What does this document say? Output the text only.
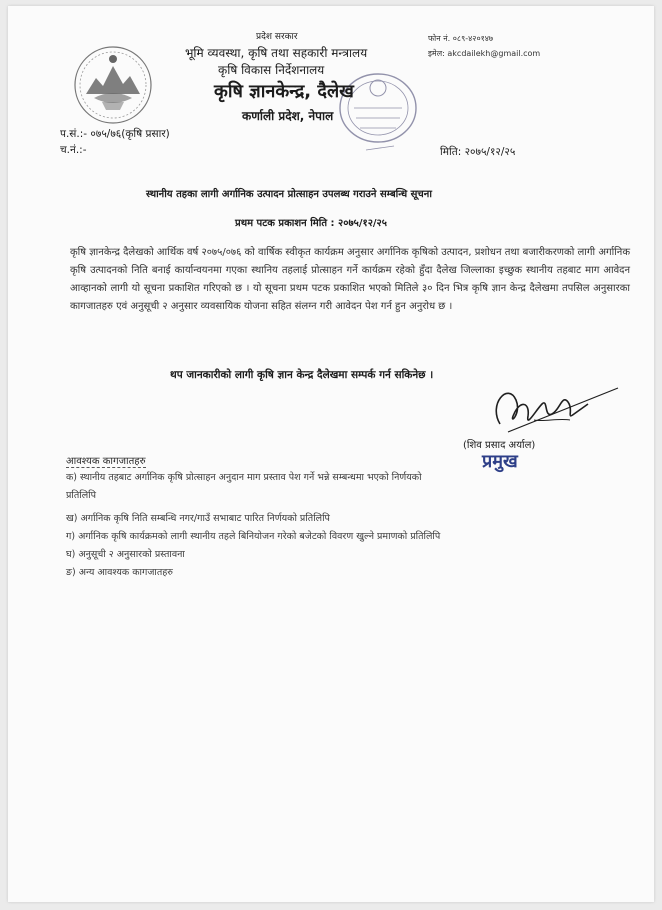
प्रदेश सरकार
भूमि व्यवस्था, कृषि तथा सहकारी मन्त्रालय
कृषि विकास निर्देशनालय
कृषि ज्ञानकेन्द्र, दैलेख
कर्णाली प्रदेश, नेपाल
फोन नं. ०८९-४२०१४७
इमेल: akcdailekh@gmail.com
प.सं.:- ०७५/७६(कृषि प्रसार)
च.नं.:-	मिति: २०७५/१२/२५
स्थानीय तहका लागी अर्गानिक उत्पादन प्रोत्साहन उपलब्ध गराउने सम्बन्धि सूचना
प्रथम पटक प्रकाशन मिति : २०७५/१२/२५
कृषि ज्ञानकेन्द्र दैलेखको आर्थिक वर्ष २०७५/०७६ को वार्षिक स्वीकृत कार्यक्रम अनुसार अर्गानिक कृषिको उत्पादन, प्रशोधन तथा बजारीकरणको लागी अर्गानिक कृषि उत्पादनको निति बनाई कार्यान्वयनमा गएका स्थानिय तहलाई प्रोत्साहन गर्ने कार्यक्रम रहेको हुँदा दैलेख जिल्लाका इच्छुक स्थानीय तहबाट माग आवेदन आव्हानको लागी यो सूचना प्रकाशित गरिएको छ । यो सूचना प्रथम पटक प्रकाशित भएको मितिले ३० दिन भित्र कृषि ज्ञान केन्द्र दैलेखमा तपसिल अनुसारका कागजातहरु एवं अनुसूची २ अनुसार व्यवसायिक योजना सहित संलग्न गरी आवेदन पेश गर्न हुन अनुरोध छ ।
थप जानकारीको लागी कृषि ज्ञान केन्द्र दैलेखमा सम्पर्क गर्न सकिनेछ ।
(शिव प्रसाद अर्याल)
प्रमुख
आवश्यक कागजातहरु
क) स्थानीय तहबाट अर्गानिक कृषि प्रोत्साहन अनुदान माग प्रस्ताव पेश गर्ने भन्ने सम्बन्धमा भएको निर्णयको
प्रतिलिपि
ख) अर्गानिक कृषि निति सम्बन्धि नगर/गाउँ सभाबाट पारित निर्णयको प्रतिलिपि
ग) अर्गानिक कृषि कार्यक्रमको लागी स्थानीय तहले बिनियोजन गरेको बजेटको विवरण खुल्ने प्रमाणको प्रतिलिपि
घ) अनुसूची २ अनुसारको प्रस्तावना
ङ) अन्य आवश्यक कागजातहरु
